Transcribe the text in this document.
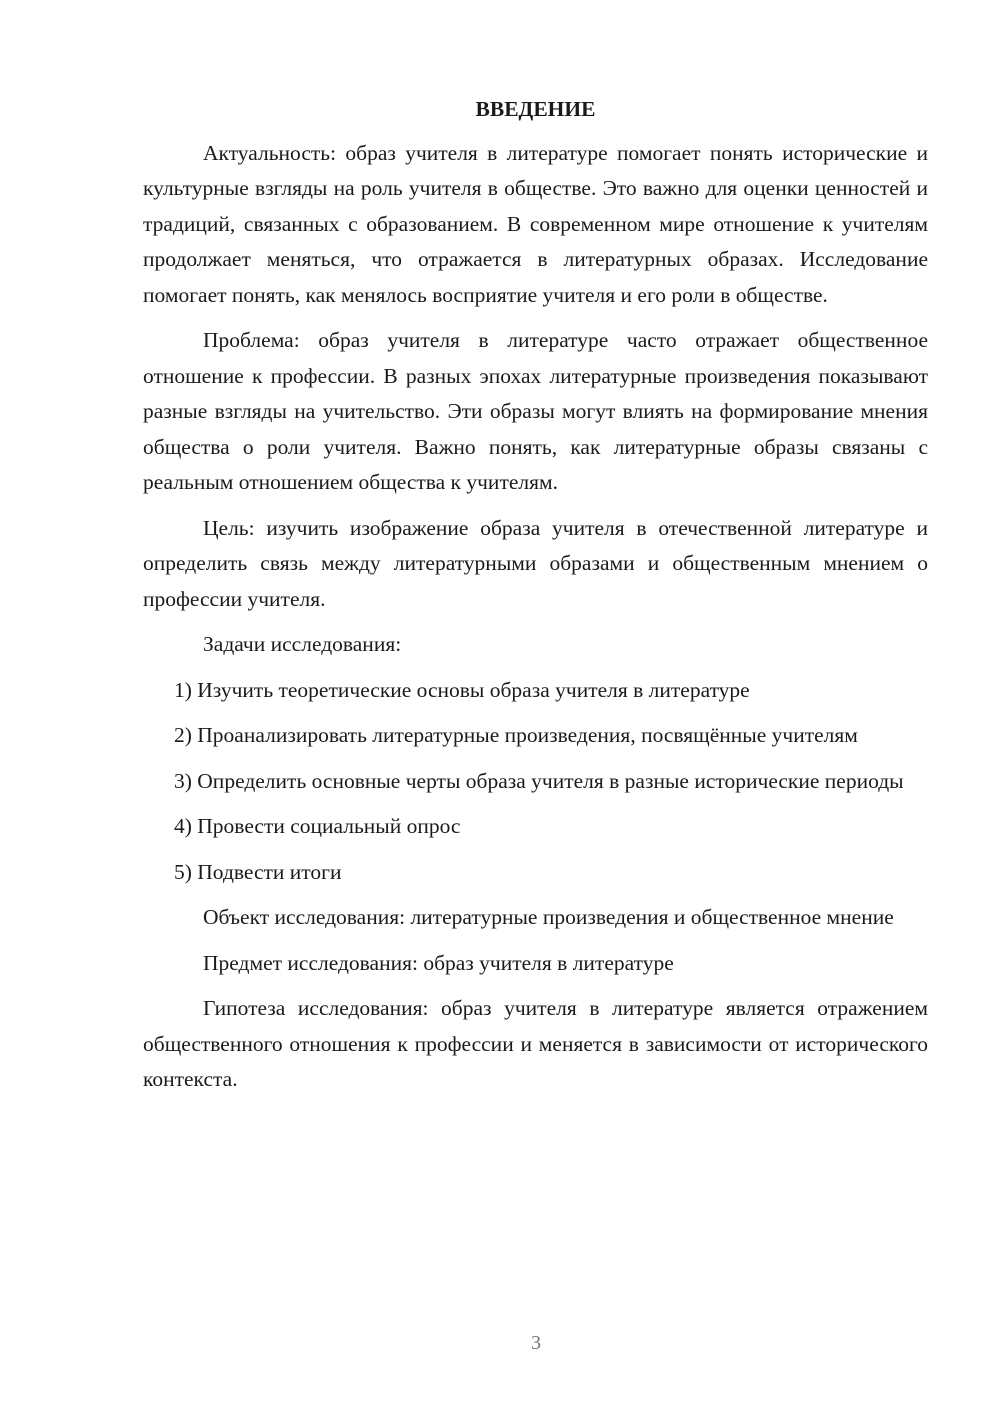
ВВЕДЕНИЕ

Актуальность: образ учителя в литературе помогает понять исторические и культурные взгляды на роль учителя в обществе. Это важно для оценки ценностей и традиций, связанных с образованием. В современном мире отношение к учителям продолжает меняться, что отражается в литературных образах. Исследование помогает понять, как менялось восприятие учителя и его роли в обществе.

Проблема: образ учителя в литературе часто отражает общественное отношение к профессии. В разных эпохах литературные произведения показывают разные взгляды на учительство. Эти образы могут влиять на формирование мнения общества о роли учителя. Важно понять, как литературные образы связаны с реальным отношением общества к учителям.

Цель: изучить изображение образа учителя в отечественной литературе и определить связь между литературными образами и общественным мнением о профессии учителя.

Задачи исследования:

1) Изучить теоретические основы образа учителя в литературе

2) Проанализировать литературные произведения, посвящённые учителям

3) Определить основные черты образа учителя в разные исторические периоды

4) Провести социальный опрос

5) Подвести итоги

Объект исследования: литературные произведения и общественное мнение

Предмет исследования: образ учителя в литературе

Гипотеза исследования: образ учителя в литературе является отражением общественного отношения к профессии и меняется в зависимости от исторического контекста.

3
